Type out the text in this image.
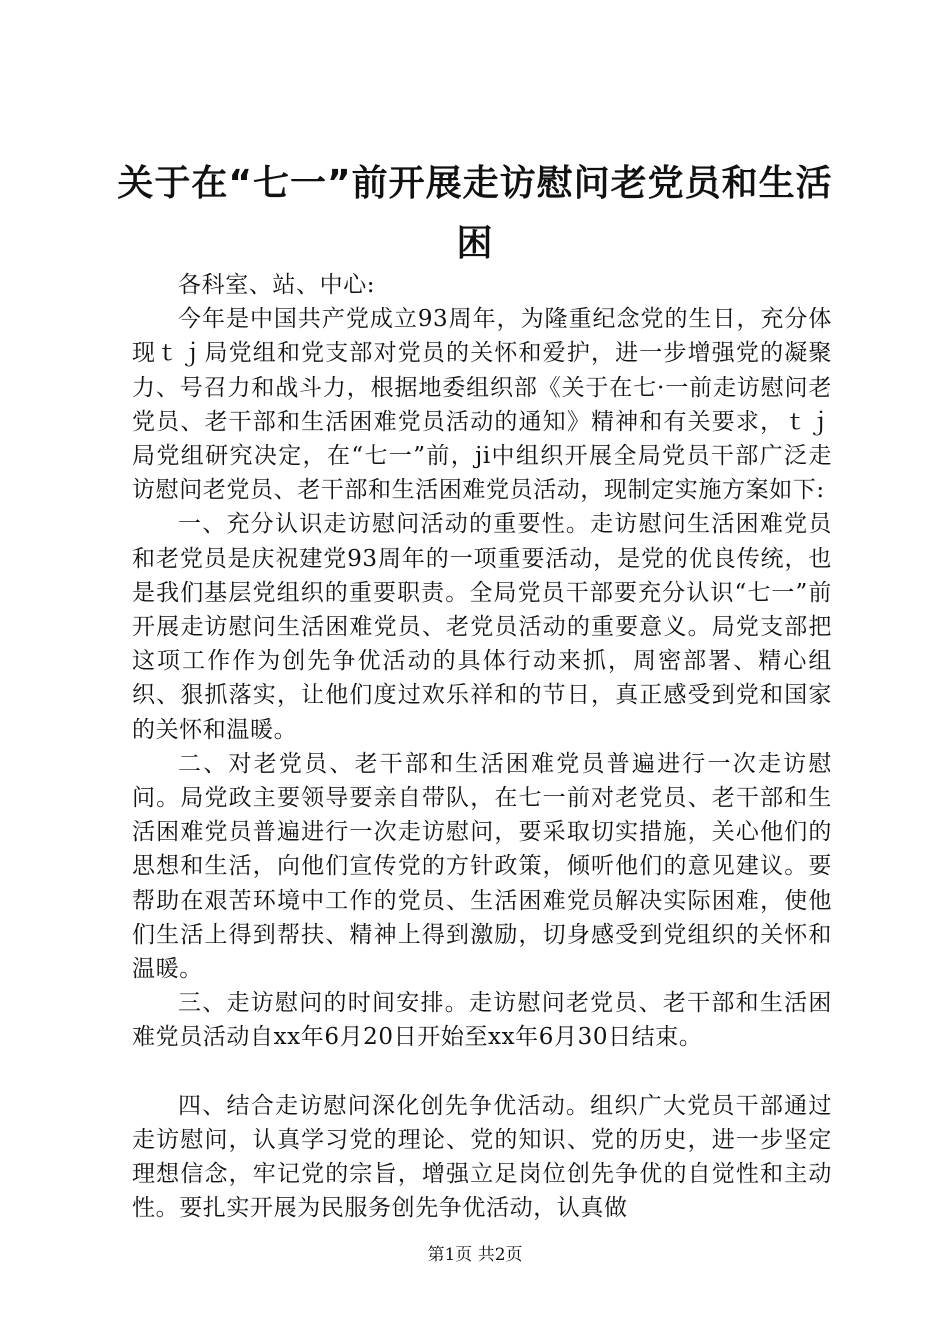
关于在“七一”前开展走访慰问老党员和生活困

各科室、站、中心:

今年是中国共产党成立93周年，为隆重纪念党的生日，充分体现ｔｊ局党组和党支部对党员的关怀和爱护，进一步增强党的凝聚力、号召力和战斗力，根据地委组织部《关于在七·一前走访慰问老党员、老干部和生活困难党员活动的通知》精神和有关要求，ｔｊ局党组研究决定，在“七一”前，ji中组织开展全局党员干部广泛走访慰问老党员、老干部和生活困难党员活动，现制定实施方案如下:

一、充分认识走访慰问活动的重要性。走访慰问生活困难党员和老党员是庆祝建党93周年的一项重要活动，是党的优良传统，也是我们基层党组织的重要职责。全局党员干部要充分认识“七一”前开展走访慰问生活困难党员、老党员活动的重要意义。局党支部把这项工作作为创先争优活动的具体行动来抓，周密部署、精心组织、狠抓落实，让他们度过欢乐祥和的节日，真正感受到党和国家的关怀和温暖。

二、对老党员、老干部和生活困难党员普遍进行一次走访慰问。局党政主要领导要亲自带队，在七一前对老党员、老干部和生活困难党员普遍进行一次走访慰问，要采取切实措施，关心他们的思想和生活，向他们宣传党的方针政策，倾听他们的意见建议。要帮助在艰苦环境中工作的党员、生活困难党员解决实际困难，使他们生活上得到帮扶、精神上得到激励，切身感受到党组织的关怀和温暖。

三、走访慰问的时间安排。走访慰问老党员、老干部和生活困难党员活动自xx年6月20日开始至xx年6月30日结束。

四、结合走访慰问深化创先争优活动。组织广大党员干部通过走访慰问，认真学习党的理论、党的知识、党的历史，进一步坚定理想信念，牢记党的宗旨，增强立足岗位创先争优的自觉性和主动性。要扎实开展为民服务创先争优活动，认真做

第1页 共2页
